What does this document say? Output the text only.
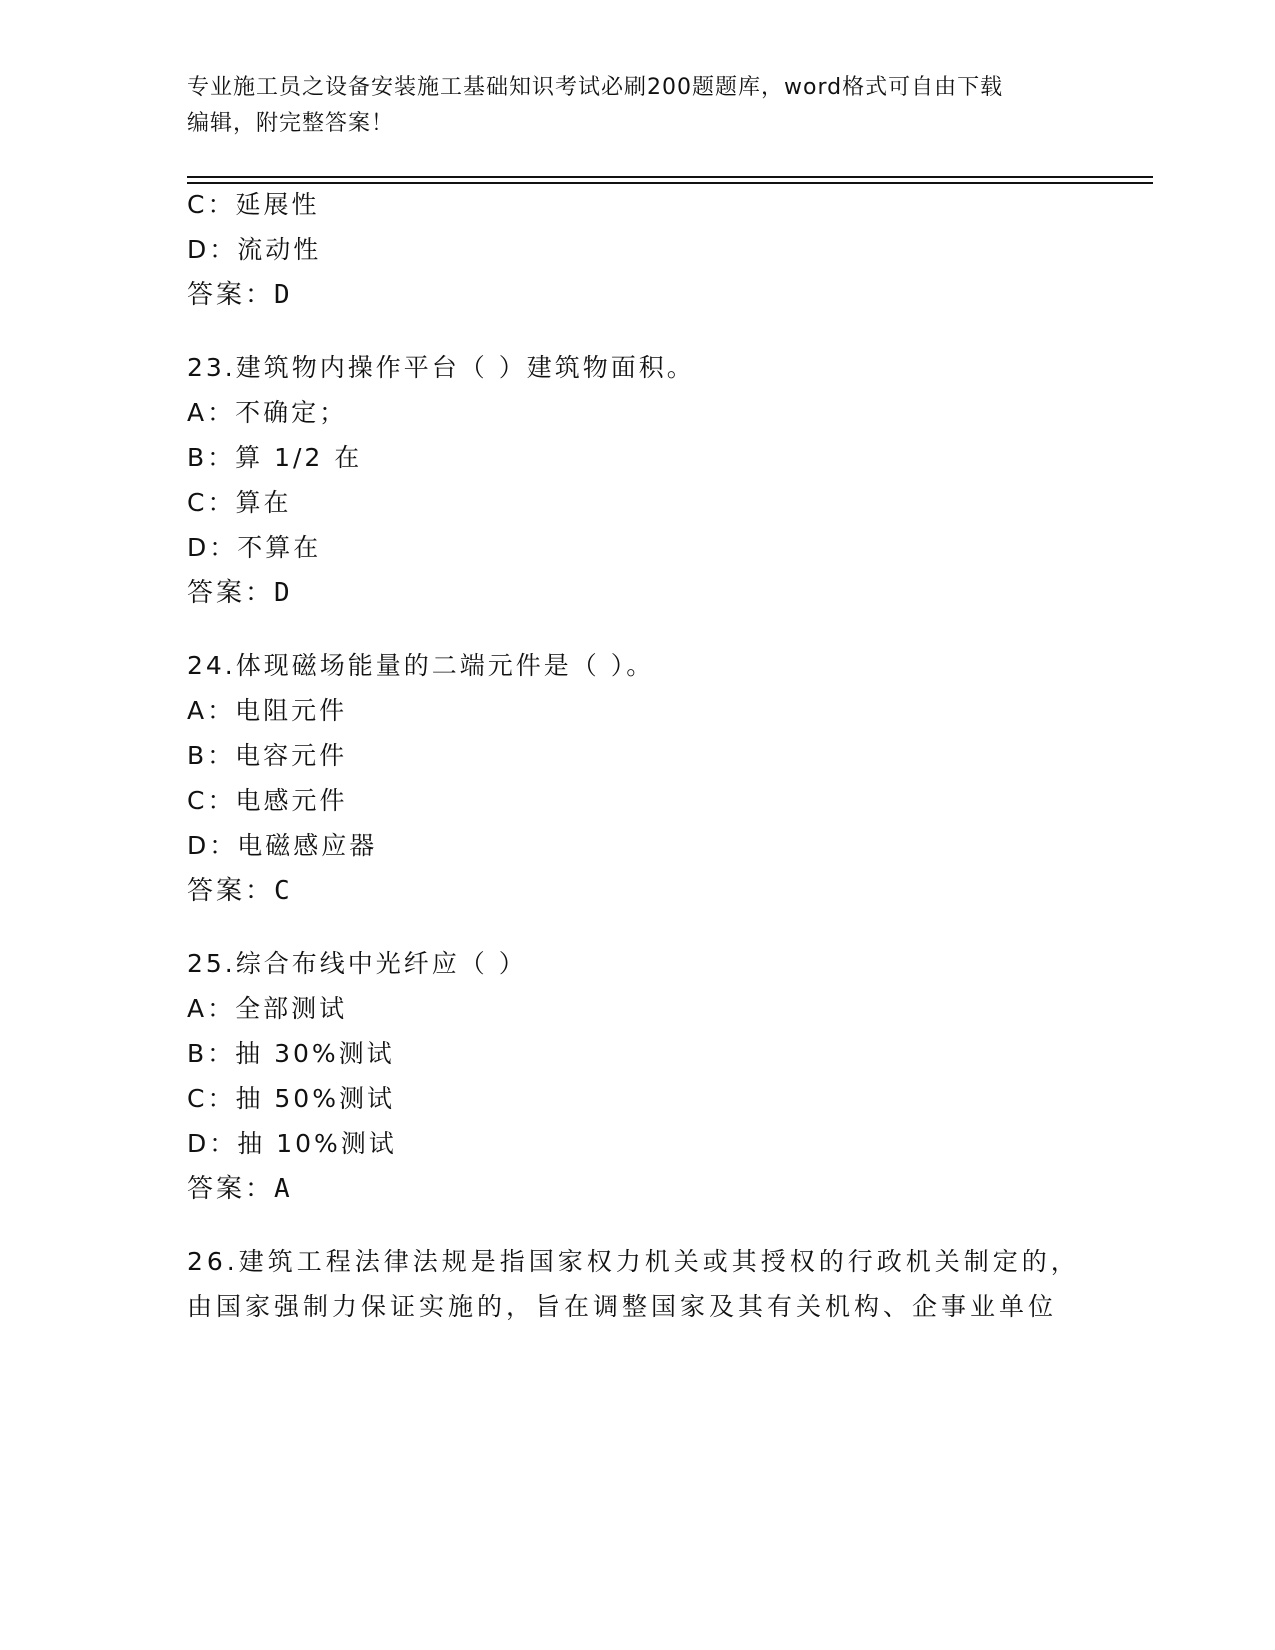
专业施工员之设备安装施工基础知识考试必刷200题题库，word格式可自由下载
编辑，附完整答案！
C：延展性
D：流动性
答案：D
23.建筑物内操作平台（ ）建筑物面积。
A：不确定；
B：算 1/2 在
C：算在
D：不算在
答案：D
24.体现磁场能量的二端元件是（ ）。
A：电阻元件
B：电容元件
C：电感元件
D：电磁感应器
答案：C
25.综合布线中光纤应（ ）
A：全部测试
B：抽 30%测试
C：抽 50%测试
D：抽 10%测试
答案：A
26.建筑工程法律法规是指国家权力机关或其授权的行政机关制定的，
由国家强制力保证实施的，旨在调整国家及其有关机构、企事业单位
